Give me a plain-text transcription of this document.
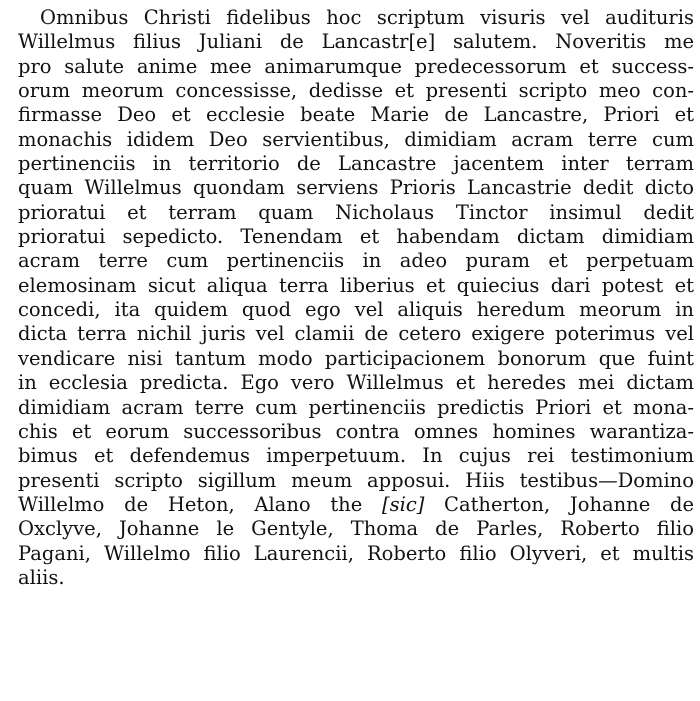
Omnibus Christi fidelibus hoc scriptum visuris vel audituris
Willelmus filius Juliani de Lancastr[e] salutem. Noveritis me
pro salute anime mee animarumque predecessorum et success-
orum meorum concessisse, dedisse et presenti scripto meo con-
firmasse Deo et ecclesie beate Marie de Lancastre, Priori et
monachis ididem Deo servientibus, dimidiam acram terre cum
pertinenciis in territorio de Lancastre jacentem inter terram
quam Willelmus quondam serviens Prioris Lancastrie dedit dicto
prioratui et terram quam Nicholaus Tinctor insimul dedit
prioratui sepedicto. Tenendam et habendam dictam dimidiam
acram terre cum pertinenciis in adeo puram et perpetuam
elemosinam sicut aliqua terra liberius et quiecius dari potest et
concedi, ita quidem quod ego vel aliquis heredum meorum in
dicta terra nichil juris vel clamii de cetero exigere poterimus vel
vendicare nisi tantum modo participacionem bonorum que fuint
in ecclesia predicta. Ego vero Willelmus et heredes mei dictam
dimidiam acram terre cum pertinenciis predictis Priori et mona-
chis et eorum successoribus contra omnes homines warantiza-
bimus et defendemus imperpetuum. In cujus rei testimonium
presenti scripto sigillum meum apposui. Hiis testibus—Domino
Willelmo de Heton, Alano the [sic] Catherton, Johanne de
Oxclyve, Johanne le Gentyle, Thoma de Parles, Roberto filio
Pagani, Willelmo filio Laurencii, Roberto filio Olyveri, et multis
aliis.
